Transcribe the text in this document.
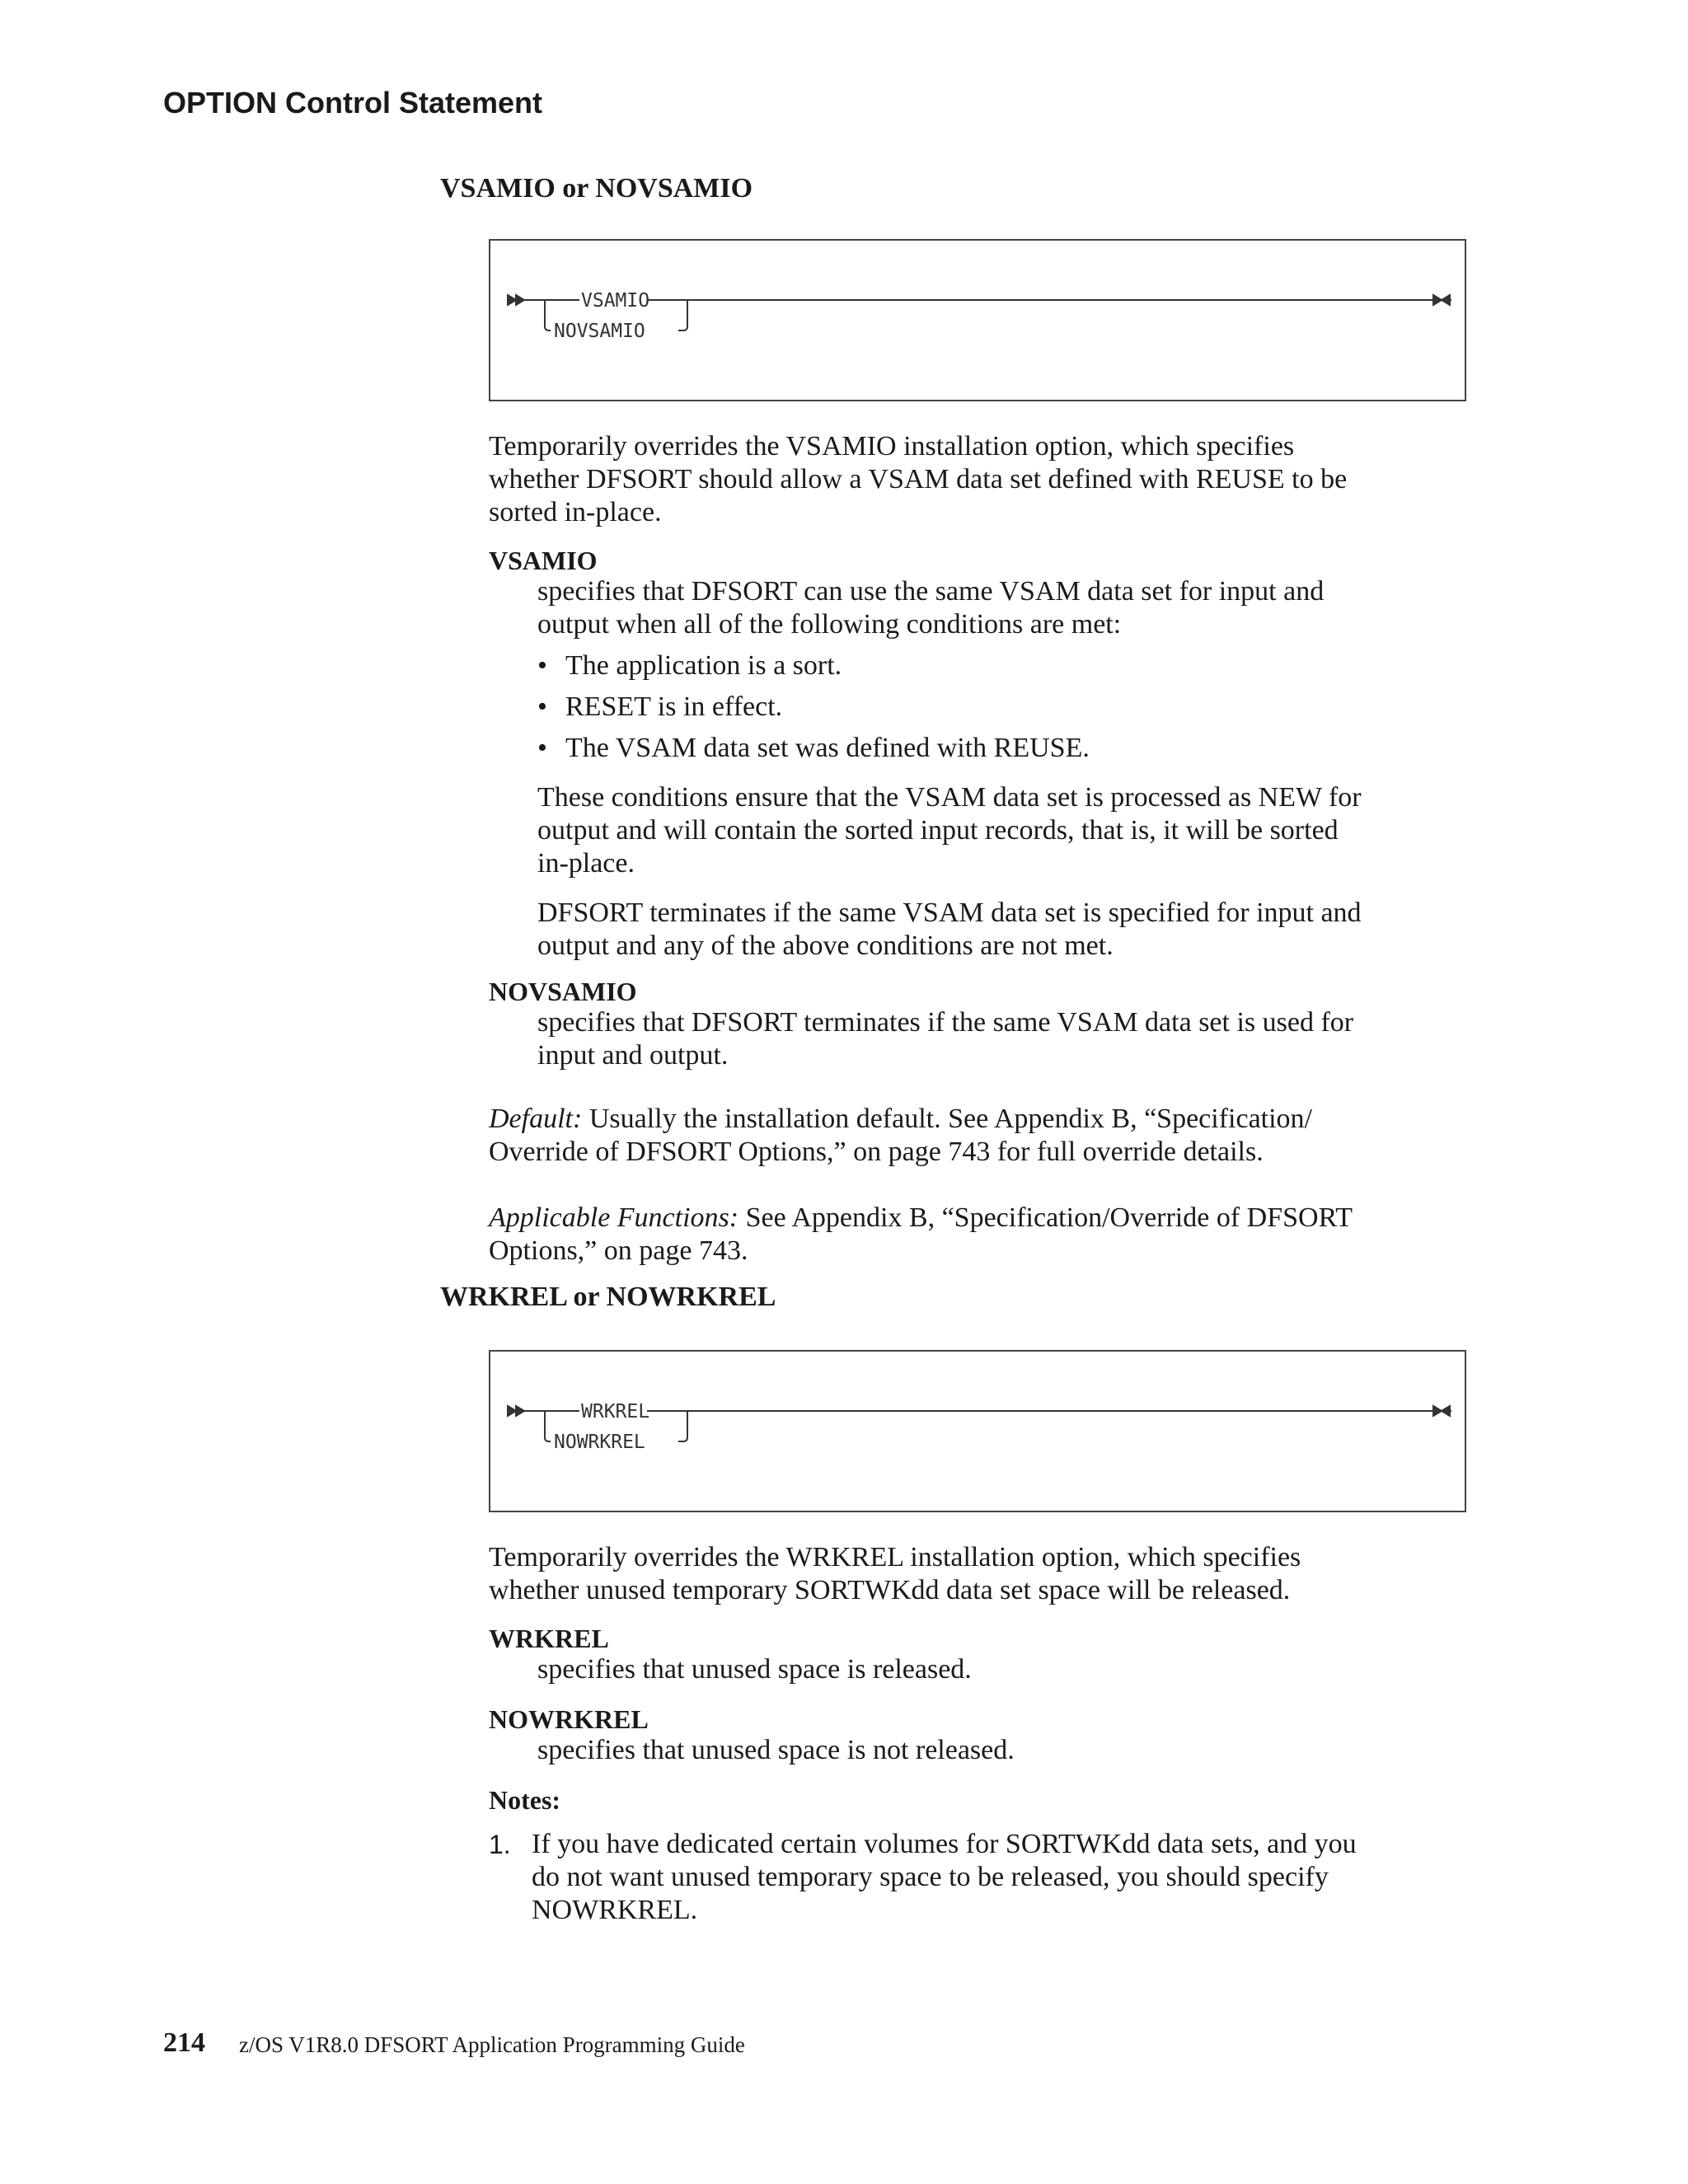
OPTION Control Statement
VSAMIO or NOVSAMIO
VSAMIO
NOVSAMIO

Temporarily overrides the VSAMIO installation option, which specifies
whether DFSORT should allow a VSAM data set defined with REUSE to be
sorted in-place.

VSAMIO

specifies that DFSORT can use the same VSAM data set for input and
output when all of the following conditions are met:

• The application is a sort.

• RESET is in effect.

• The VSAM data set was defined with REUSE.

These conditions ensure that the VSAM data set is processed as NEW for
output and will contain the sorted input records, that is, it will be sorted
in-place.

DFSORT terminates if the same VSAM data set is specified for input and
output and any of the above conditions are not met.

NOVSAMIO

specifies that DFSORT terminates if the same VSAM data set is used for
input and output.

Default: Usually the installation default. See Appendix B, “Specification/
Override of DFSORT Options,” on page 743 for full override details.

Applicable Functions: See Appendix B, “Specification/Override of DFSORT
Options,” on page 743.

WRKREL or NOWRKREL
WRKREL
NOWRKREL

Temporarily overrides the WRKREL installation option, which specifies
whether unused temporary SORTWKdd data set space will be released.

WRKREL

specifies that unused space is released.

NOWRKREL

specifies that unused space is not released.

Notes:
1. If you have dedicated certain volumes for SORTWKdd data sets, and you
do not want unused temporary space to be released, you should specify
NOWRKREL.

214 z/OS V1R8.0 DFSORT Application Programming Guide
